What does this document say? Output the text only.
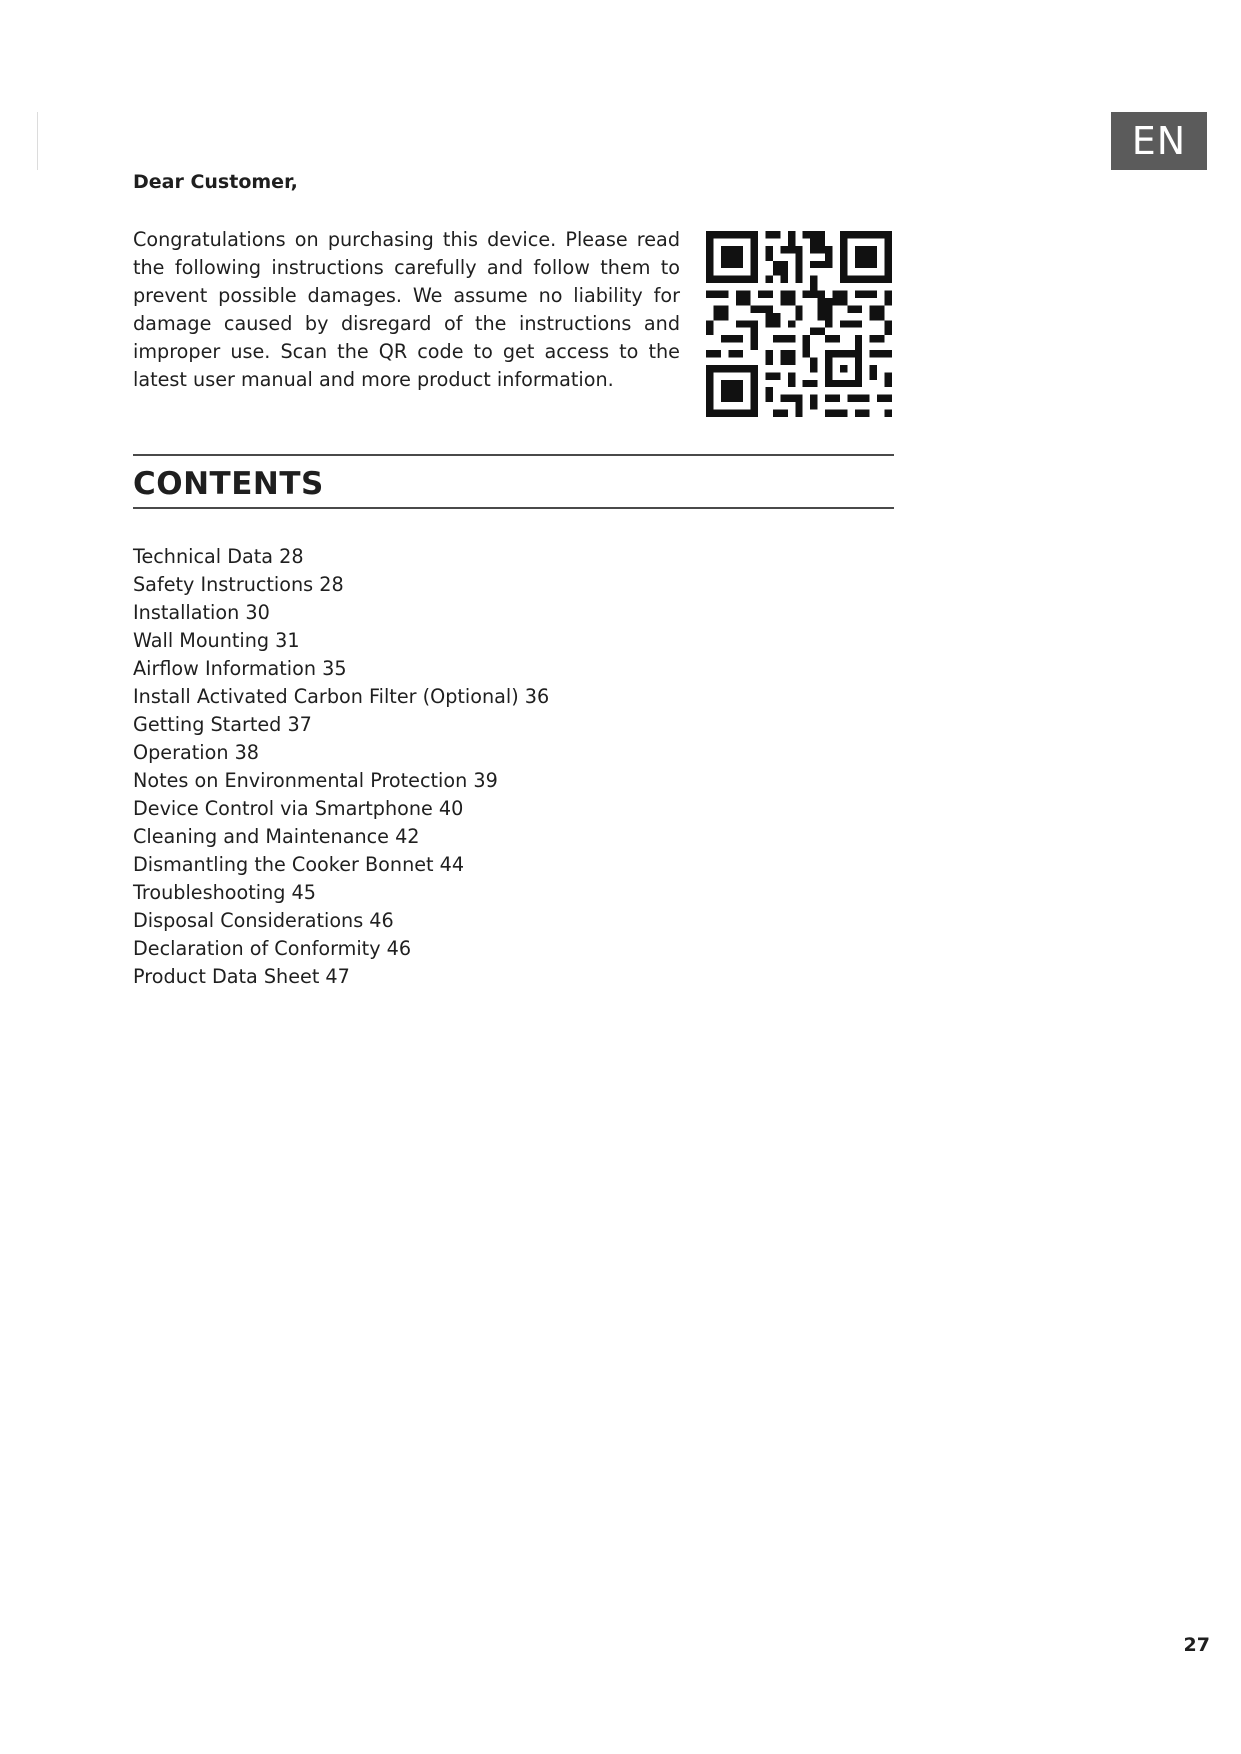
EN

Dear Customer,

Congratulations on purchasing this device. Please read the following instructions carefully and follow them to prevent possible damages. We assume no liability for damage caused by disregard of the instructions and improper use. Scan the QR code to get access to the latest user manual and more product information.

CONTENTS
Technical Data 28
Safety Instructions 28
Installation 30
Wall Mounting 31
Airflow Information 35
Install Activated Carbon Filter (Optional) 36
Getting Started 37
Operation 38
Notes on Environmental Protection 39
Device Control via Smartphone 40
Cleaning and Maintenance 42
Dismantling the Cooker Bonnet 44
Troubleshooting 45
Disposal Considerations 46
Declaration of Conformity 46
Product Data Sheet 47
27
